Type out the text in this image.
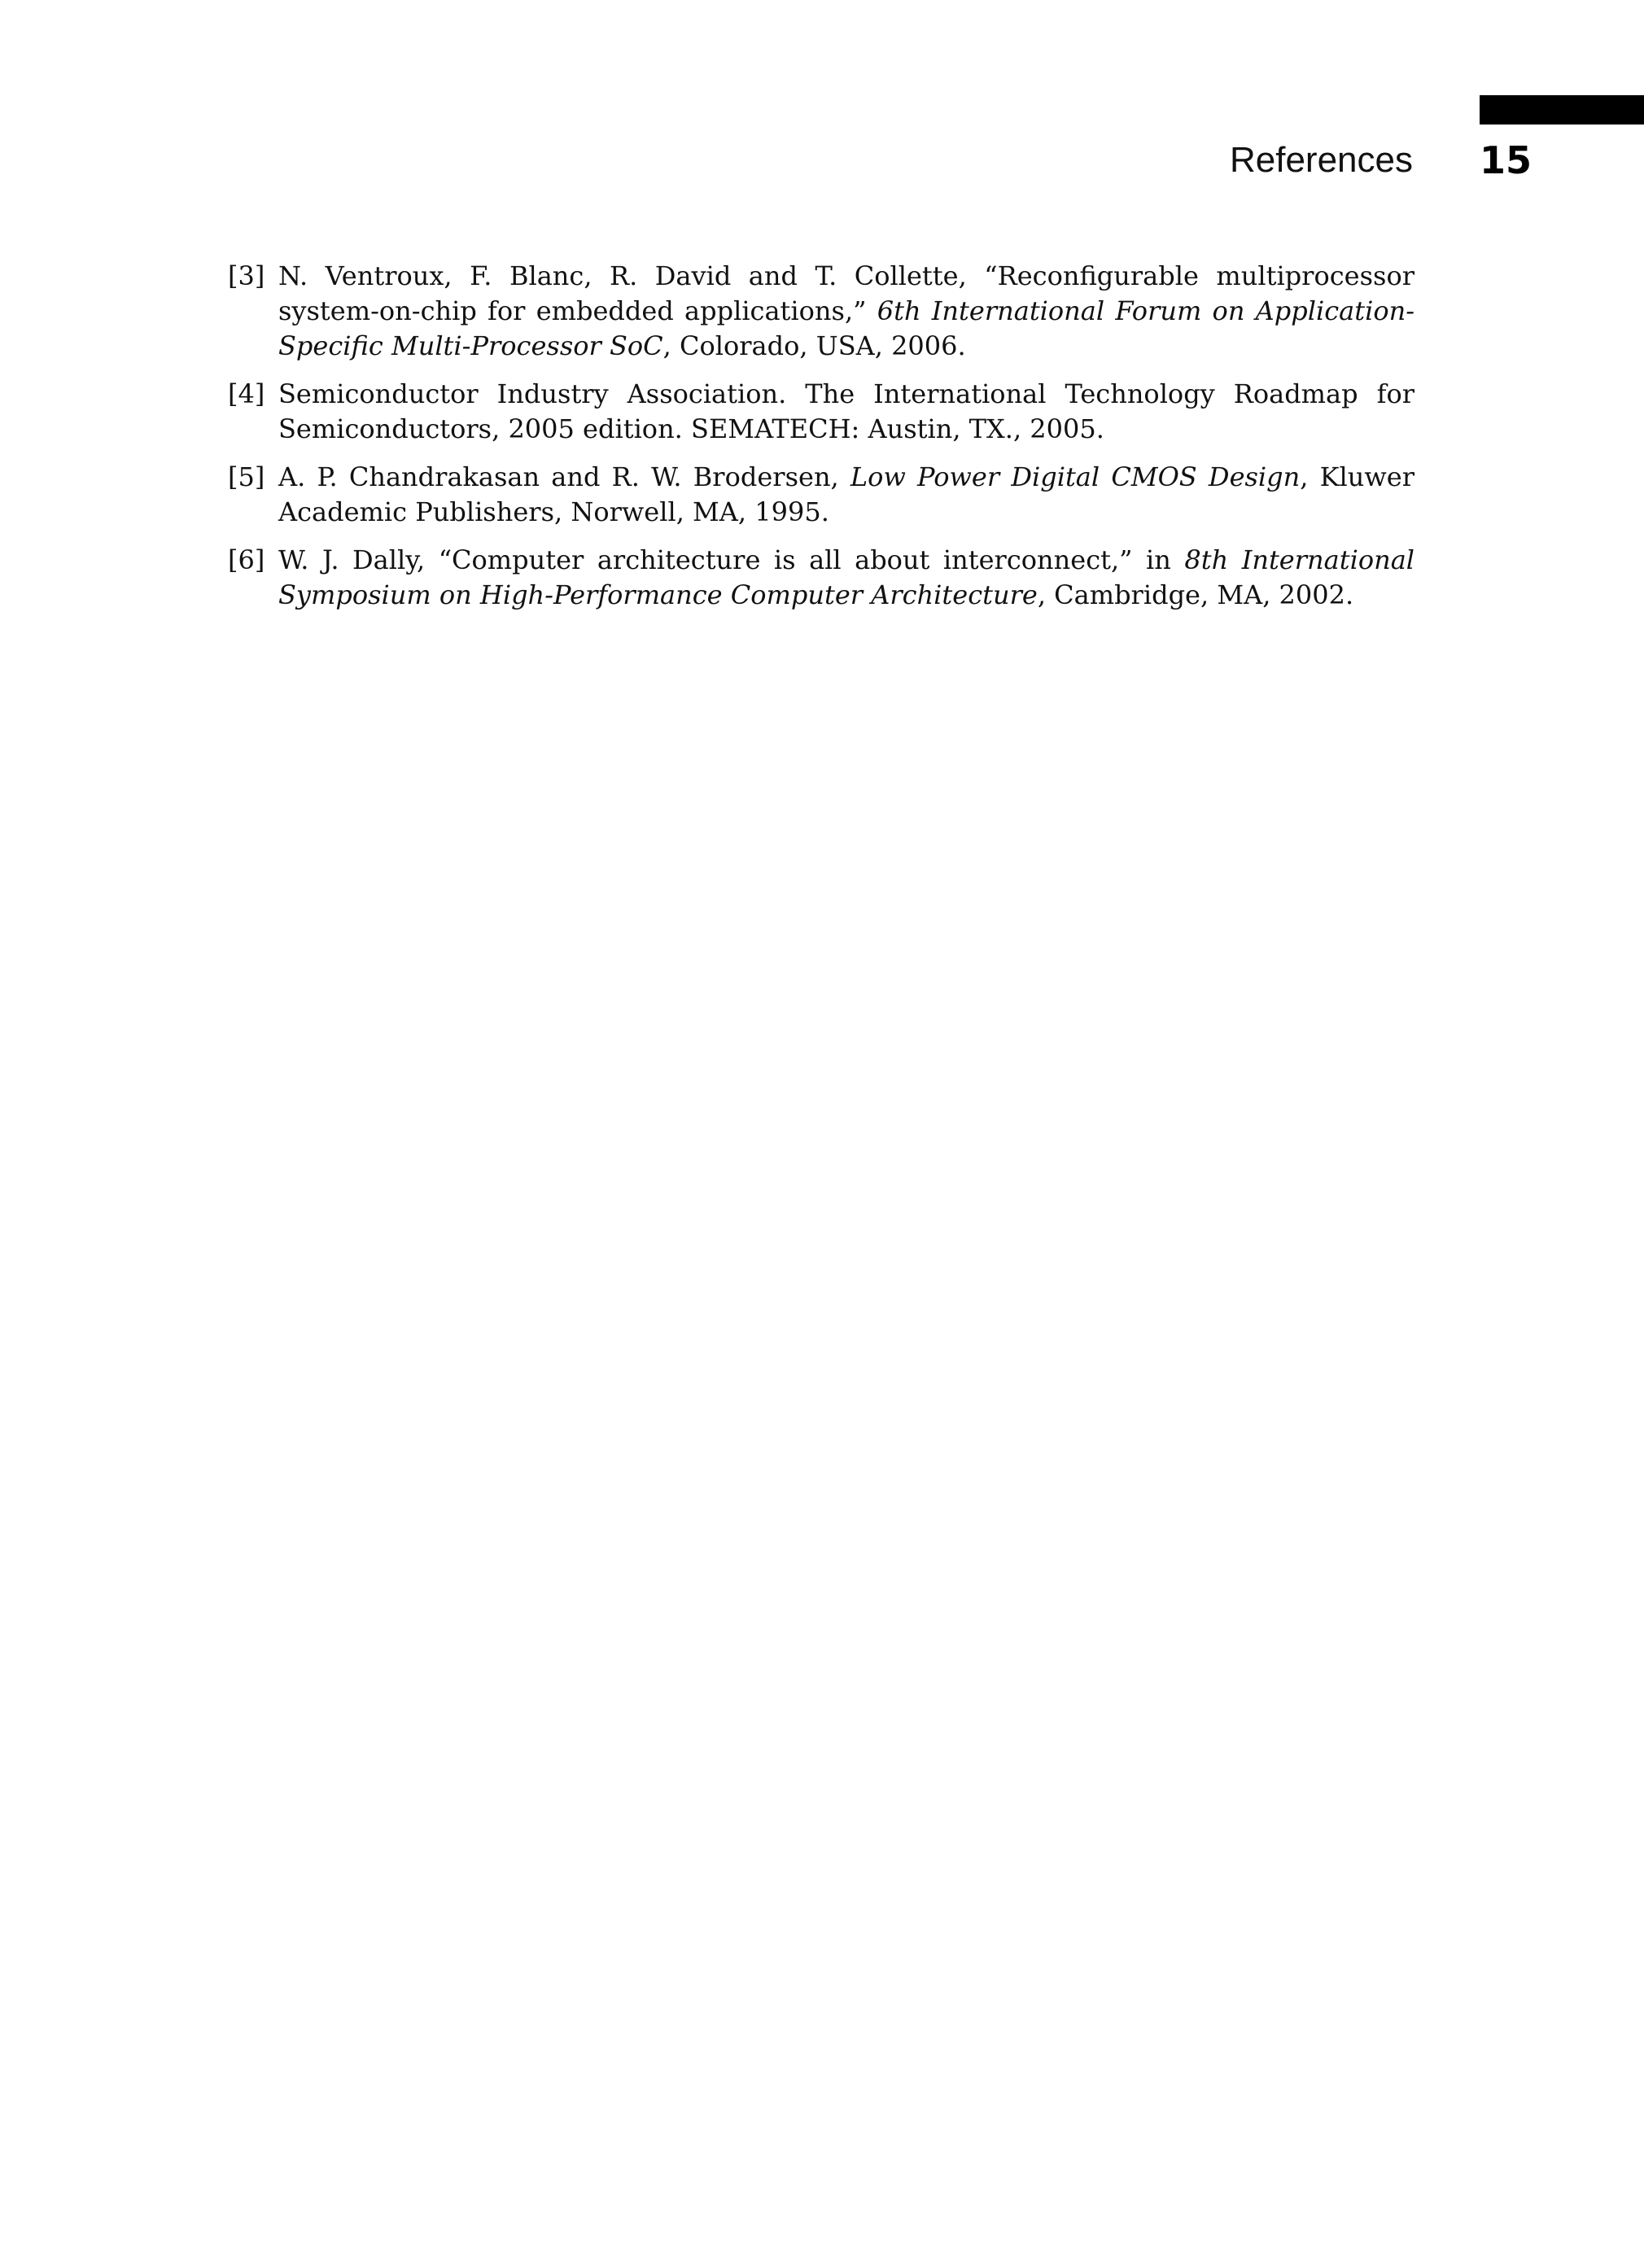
References 15
[3] N. Ventroux, F. Blanc, R. David and T. Collette, “Reconfigurable multiprocessor system-on-chip for embedded applications,” 6th International Forum on Application-Specific Multi-Processor SoC, Colorado, USA, 2006.
[4] Semiconductor Industry Association. The International Technology Roadmap for Semiconductors, 2005 edition. SEMATECH: Austin, TX., 2005.
[5] A. P. Chandrakasan and R. W. Brodersen, Low Power Digital CMOS Design, Kluwer Academic Publishers, Norwell, MA, 1995.
[6] W. J. Dally, “Computer architecture is all about interconnect,” in 8th International Symposium on High-Performance Computer Architecture, Cambridge, MA, 2002.
